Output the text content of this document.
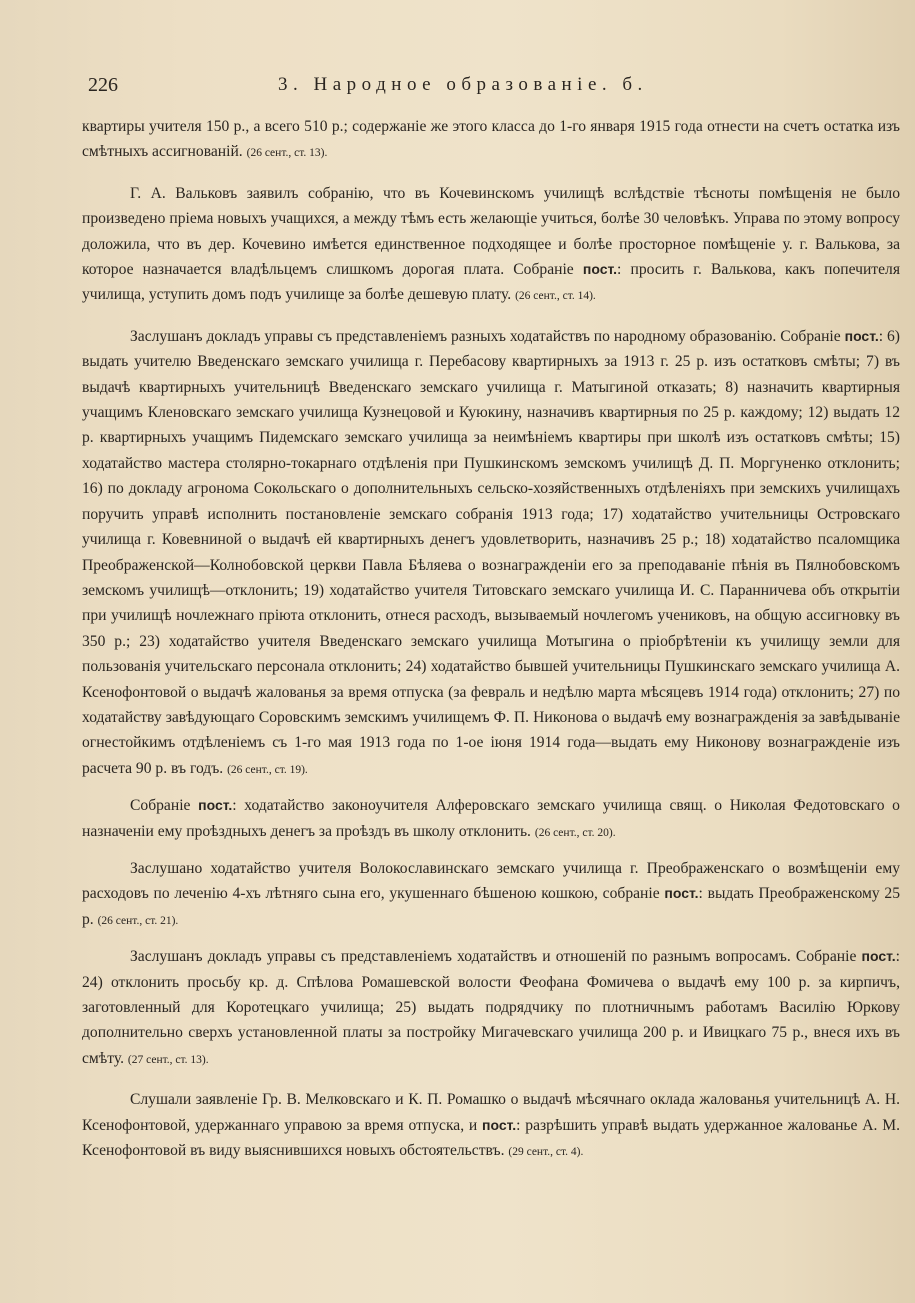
226	3. Народное образованіе. б.

квартиры учителя 150 р., а всего 510 р.; содержаніе же этого класса до 1-го января 1915 года отнести на счетъ остатка изъ смѣтныхъ ассигнованій. (26 сент., ст. 13).

Г. А. Вальковъ заявилъ собранію, что въ Кочевинскомъ училищѣ вслѣдствіе тѣсноты помѣщенія не было произведено пріема новыхъ учащихся, а между тѣмъ есть желающіе учиться, болѣе 30 человѣкъ. Управа по этому вопросу доложила, что въ дер. Кочевино имѣется единственное подходящее и болѣе просторное помѣщеніе у. г. Валькова, за которое назначается владѣльцемъ слишкомъ дорогая плата. Собраніе пост.: просить г. Валькова, какъ попечителя училища, уступить домъ подъ училище за болѣе дешевую плату. (26 сент., ст. 14).

Заслушанъ докладъ управы съ представленіемъ разныхъ ходатайствъ по народному образованію. Собраніе пост.: 6) выдать учителю Введенскаго земскаго училища г. Перебасову квартирныхъ за 1913 г. 25 р. изъ остатковъ смѣты; 7) въ выдачѣ квартирныхъ учительницѣ Введенскаго земскаго училища г. Матыгиной отказать; 8) назначить квартирныя учащимъ Кленовскаго земскаго училища Кузнецовой и Куюкину, назначивъ квартирныя по 25 р. каждому; 12) выдать 12 р. квартирныхъ учащимъ Пидемскаго земскаго училища за неимѣніемъ квартиры при школѣ изъ остатковъ смѣты; 15) ходатайство мастера столярно-токарнаго отдѣленія при Пушкинскомъ земскомъ училищѣ Д. П. Моргуненко отклонить; 16) по докладу агронома Сокольскаго о дополнительныхъ сельско-хозяйственныхъ отдѣленіяхъ при земскихъ училищахъ поручить управѣ исполнить постановленіе земскаго собранія 1913 года; 17) ходатайство учительницы Островскаго училища г. Ковевниной о выдачѣ ей квартирныхъ денегъ удовлетворить, назначивъ 25 р.; 18) ходатайство псаломщика Преображенской—Колнобовской церкви Павла Бѣляева о вознагражденіи его за преподаваніе пѣнія въ Пялнобовскомъ земскомъ училищѣ—отклонить; 19) ходатайство учителя Титовскаго земскаго училища И. С. Паранничева объ открытіи при училищѣ ночлежнаго пріюта отклонить, отнеся расходъ, вызываемый ночлегомъ учениковъ, на общую ассигновку въ 350 р.; 23) ходатайство учителя Введенскаго земскаго училища Мотыгина о пріобрѣтеніи къ училищу земли для пользованія учительскаго персонала отклонить; 24) ходатайство бывшей учительницы Пушкинскаго земскаго училища А. Ксенофонтовой о выдачѣ жалованья за время отпуска (за февраль и недѣлю марта мѣсяцевъ 1914 года) отклонить; 27) по ходатайству завѣдующаго Соровскимъ земскимъ училищемъ Ф. П. Никонова о выдачѣ ему вознагражденія за завѣдываніе огнестойкимъ отдѣленіемъ съ 1-го мая 1913 года по 1-ое іюня 1914 года—выдать ему Никонову вознагражденіе изъ расчета 90 р. въ годъ. (26 сент., ст. 19).

Собраніе пост.: ходатайство законоучителя Алферовскаго земскаго училища свящ. о Николая Федотовскаго о назначеніи ему проѣздныхъ денегъ за проѣздъ въ школу отклонить. (26 сент., ст. 20).

Заслушано ходатайство учителя Волокославинскаго земскаго училища г. Преображенскаго о возмѣщеніи ему расходовъ по леченію 4-хъ лѣтняго сына его, укушеннаго бѣшеною кошкою, собраніе пост.: выдать Преображенскому 25 р. (26 сент., ст. 21).

Заслушанъ докладъ управы съ представленіемъ ходатайствъ и отношеній по разнымъ вопросамъ. Собраніе пост.: 24) отклонить просьбу кр. д. Спѣлова Ромашевской волости Феофана Фомичева о выдачѣ ему 100 р. за кирпичъ, заготовленный для Коротецкаго училища; 25) выдать подрядчику по плотничнымъ работамъ Василію Юркову дополнительно сверхъ установленной платы за постройку Мигачевскаго училища 200 р. и Ивицкаго 75 р., внеся ихъ въ смѣту. (27 сент., ст. 13).

Слушали заявленіе Гр. В. Мелковскаго и К. П. Ромашко о выдачѣ мѣсячнаго оклада жалованья учительницѣ А. Н. Ксенофонтовой, удержаннаго управою за время отпуска, и пост.: разрѣшить управѣ выдать удержанное жалованье А. М. Ксенофонтовой въ виду выяснившихся новыхъ обстоятельствъ. (29 сент., ст. 4).
